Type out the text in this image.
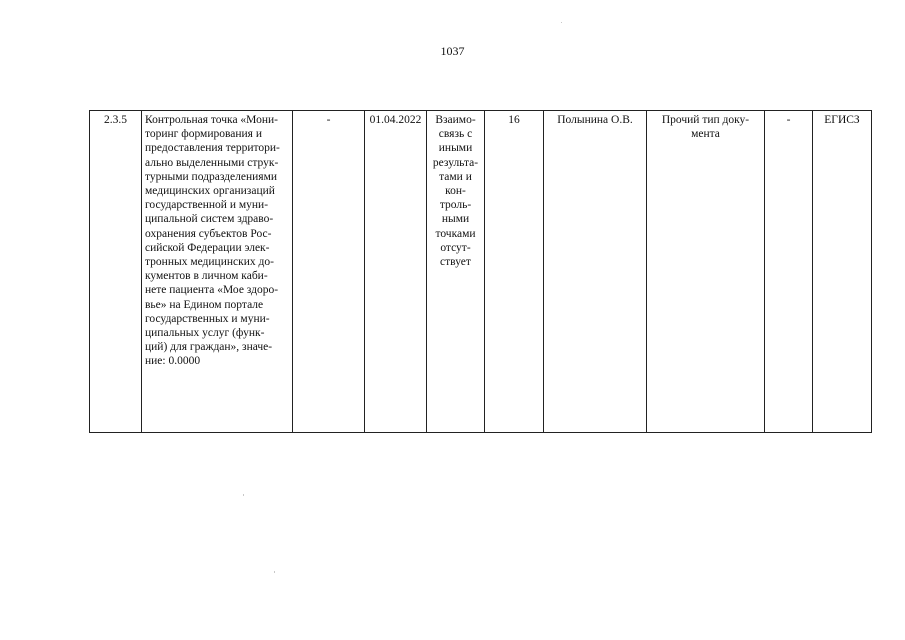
1037
2.3.5	Контрольная точка «Мони-
торинг формирования и
предоставления территори-
ально выделенными струк-
турными подразделениями
медицинских организаций
государственной и муни-
ципальной систем здраво-
охранения субъектов Рос-
сийской Федерации элек-
тронных медицинских до-
кументов в личном каби-
нете пациента «Мое здоро-
вье» на Едином портале
государственных и муни-
ципальных услуг (функ-
ций) для граждан», значе-
ние: 0.0000	-	01.04.2022	Взаимо-
связь с
иными
результа-
тами и
кон-
троль-
ными
точками
отсут-
ствует	16	Полынина О.В.	Прочий тип доку-
мента	-	ЕГИСЗ
